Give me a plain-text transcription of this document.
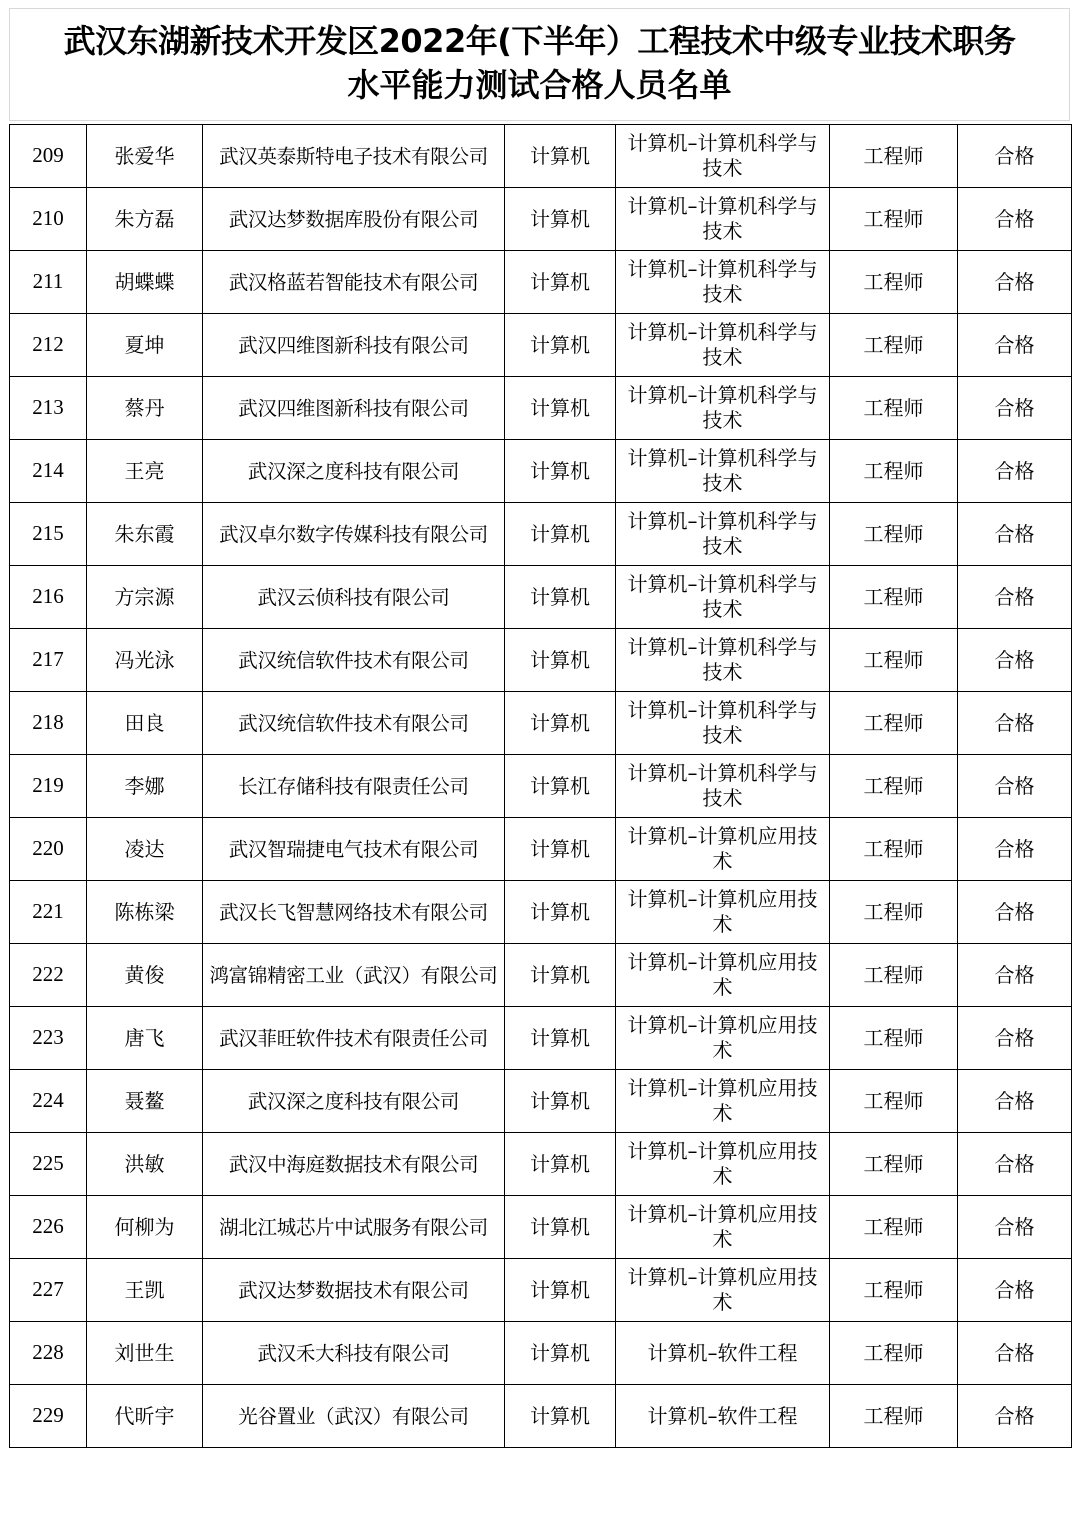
武汉东湖新技术开发区2022年(下半年）工程技术中级专业技术职务
水平能力测试合格人员名单
209	张爱华	武汉英泰斯特电子技术有限公司	计算机	计算机–计算机科学与技术	工程师	合格
210	朱方磊	武汉达梦数据库股份有限公司	计算机	计算机–计算机科学与技术	工程师	合格
211	胡蝶蝶	武汉格蓝若智能技术有限公司	计算机	计算机–计算机科学与技术	工程师	合格
212	夏坤	武汉四维图新科技有限公司	计算机	计算机–计算机科学与技术	工程师	合格
213	蔡丹	武汉四维图新科技有限公司	计算机	计算机–计算机科学与技术	工程师	合格
214	王亮	武汉深之度科技有限公司	计算机	计算机–计算机科学与技术	工程师	合格
215	朱东霞	武汉卓尔数字传媒科技有限公司	计算机	计算机–计算机科学与技术	工程师	合格
216	方宗源	武汉云侦科技有限公司	计算机	计算机–计算机科学与技术	工程师	合格
217	冯光泳	武汉统信软件技术有限公司	计算机	计算机–计算机科学与技术	工程师	合格
218	田良	武汉统信软件技术有限公司	计算机	计算机–计算机科学与技术	工程师	合格
219	李娜	长江存储科技有限责任公司	计算机	计算机–计算机科学与技术	工程师	合格
220	凌达	武汉智瑞捷电气技术有限公司	计算机	计算机–计算机应用技术	工程师	合格
221	陈栋梁	武汉长飞智慧网络技术有限公司	计算机	计算机–计算机应用技术	工程师	合格
222	黄俊	鸿富锦精密工业（武汉）有限公司	计算机	计算机–计算机应用技术	工程师	合格
223	唐飞	武汉菲旺软件技术有限责任公司	计算机	计算机–计算机应用技术	工程师	合格
224	聂鳌	武汉深之度科技有限公司	计算机	计算机–计算机应用技术	工程师	合格
225	洪敏	武汉中海庭数据技术有限公司	计算机	计算机–计算机应用技术	工程师	合格
226	何柳为	湖北江城芯片中试服务有限公司	计算机	计算机–计算机应用技术	工程师	合格
227	王凯	武汉达梦数据技术有限公司	计算机	计算机–计算机应用技术	工程师	合格
228	刘世生	武汉禾大科技有限公司	计算机	计算机–软件工程	工程师	合格
229	代昕宇	光谷置业（武汉）有限公司	计算机	计算机–软件工程	工程师	合格
